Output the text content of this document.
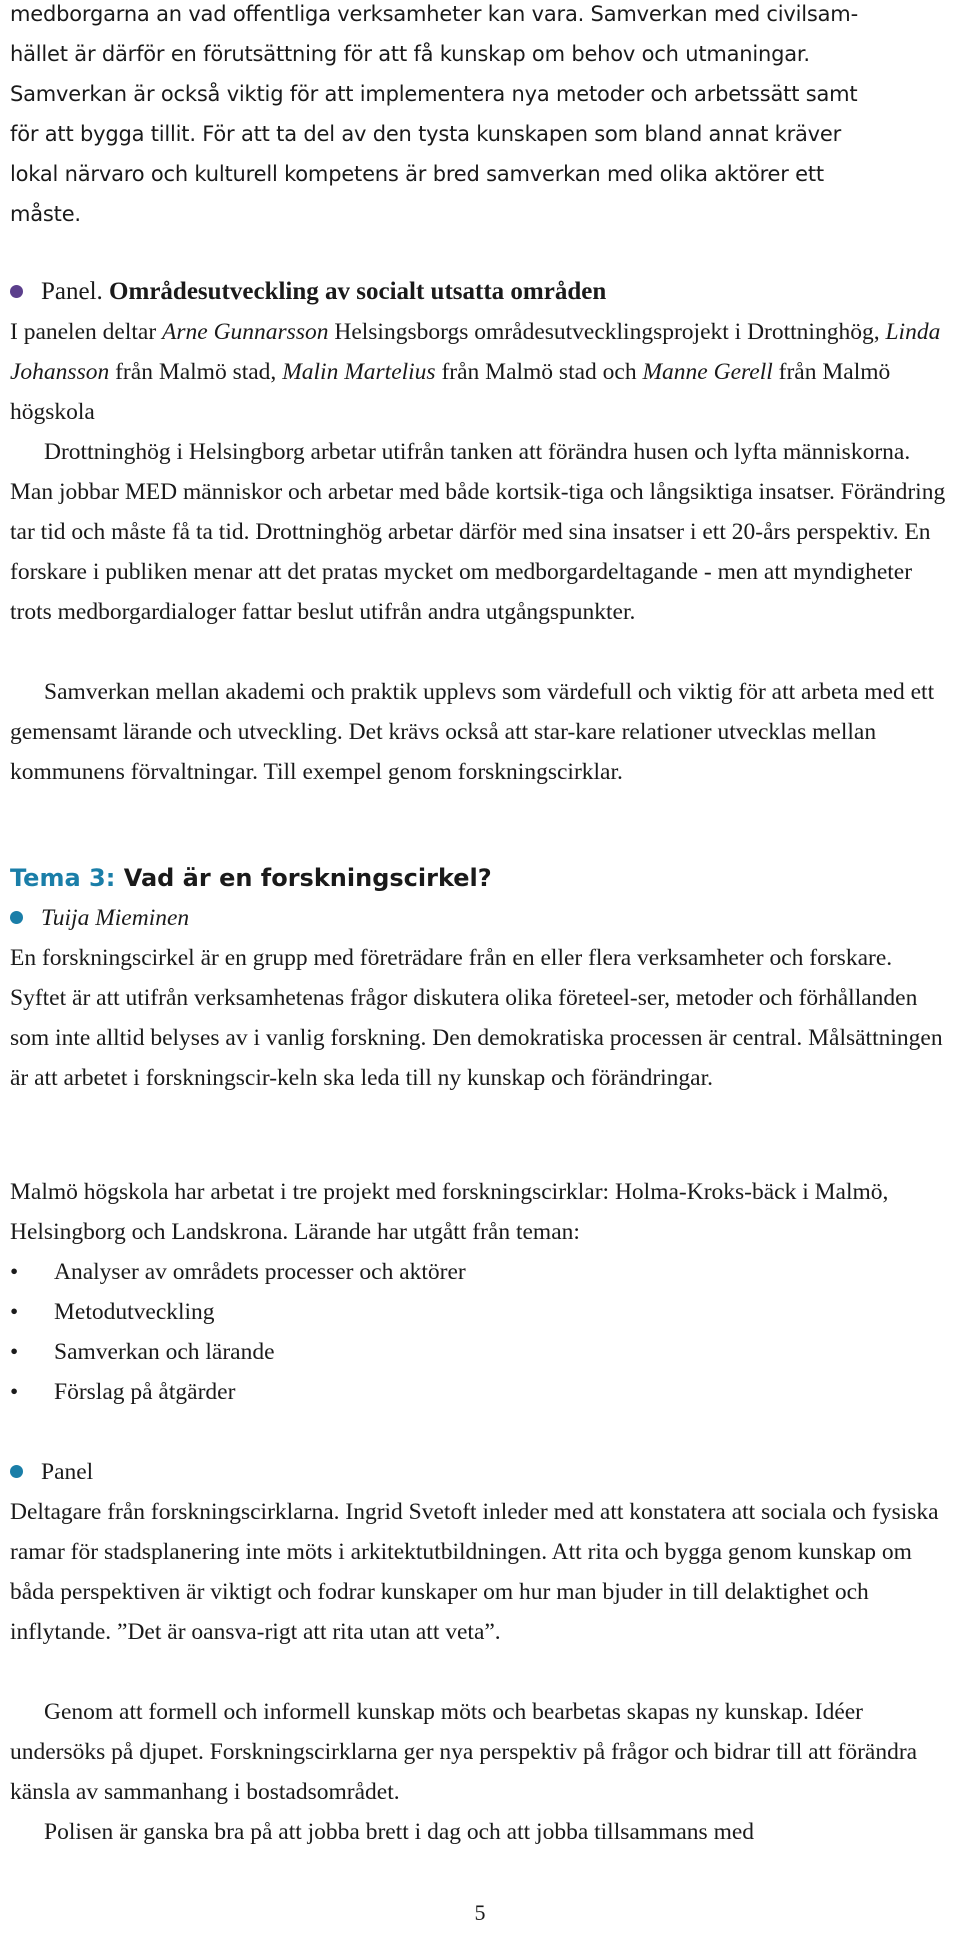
medborgarna an vad offentliga verksamheter kan vara. Samverkan med civilsam-
hället är därför en förutsättning för att få kunskap om behov och utmaningar.
Samverkan är också viktig för att implementera nya metoder och arbetssätt samt
för att bygga tillit. För att ta del av den tysta kunskapen som bland annat kräver
lokal närvaro och kulturell kompetens är bred samverkan med olika aktörer ett
måste.
Panel. Områdesutveckling av socialt utsatta områden

I panelen deltar Arne Gunnarsson Helsingsborgs områdesutvecklingsprojekt i Drottninghög, Linda Johansson från Malmö stad, Malin Martelius från Malmö stad och Manne Gerell från Malmö högskola

Drottninghög i Helsingborg arbetar utifrån tanken att förändra husen och lyfta människorna. Man jobbar MED människor och arbetar med både kortsik-tiga och långsiktiga insatser. Förändring tar tid och måste få ta tid. Drottninghög arbetar därför med sina insatser i ett 20-års perspektiv. En forskare i publiken menar att det pratas mycket om medborgardeltagande - men att myndigheter trots medborgardialoger fattar beslut utifrån andra utgångspunkter.

Samverkan mellan akademi och praktik upplevs som värdefull och viktig för att arbeta med ett gemensamt lärande och utveckling. Det krävs också att star-kare relationer utvecklas mellan kommunens förvaltningar. Till exempel genom forskningscirklar.

Tema 3: Vad är en forskningscirkel?
Tuija Mieminen

En forskningscirkel är en grupp med företrädare från en eller flera verksamheter och forskare. Syftet är att utifrån verksamhetenas frågor diskutera olika företeel-ser, metoder och förhållanden som inte alltid belyses av i vanlig forskning. Den demokratiska processen är central. Målsättningen är att arbetet i forskningscir-keln ska leda till ny kunskap och förändringar.

Malmö högskola har arbetat i tre projekt med forskningscirklar: Holma-Kroks-bäck i Malmö, Helsingborg och Landskrona. Lärande har utgått från teman:

• Analyser av områdets processer och aktörer
• Metodutveckling
• Samverkan och lärande
• Förslag på åtgärder
Panel

Deltagare från forskningscirklarna. Ingrid Svetoft inleder med att konstatera att sociala och fysiska ramar för stadsplanering inte möts i arkitektutbildningen. Att rita och bygga genom kunskap om båda perspektiven är viktigt och fodrar kunskaper om hur man bjuder in till delaktighet och inflytande. ”Det är oansva-rigt att rita utan att veta”.

Genom att formell och informell kunskap möts och bearbetas skapas ny kunskap. Idéer undersöks på djupet. Forskningscirklarna ger nya perspektiv på frågor och bidrar till att förändra känsla av sammanhang i bostadsområdet.

Polisen är ganska bra på att jobba brett i dag och att jobba tillsammans med

5
